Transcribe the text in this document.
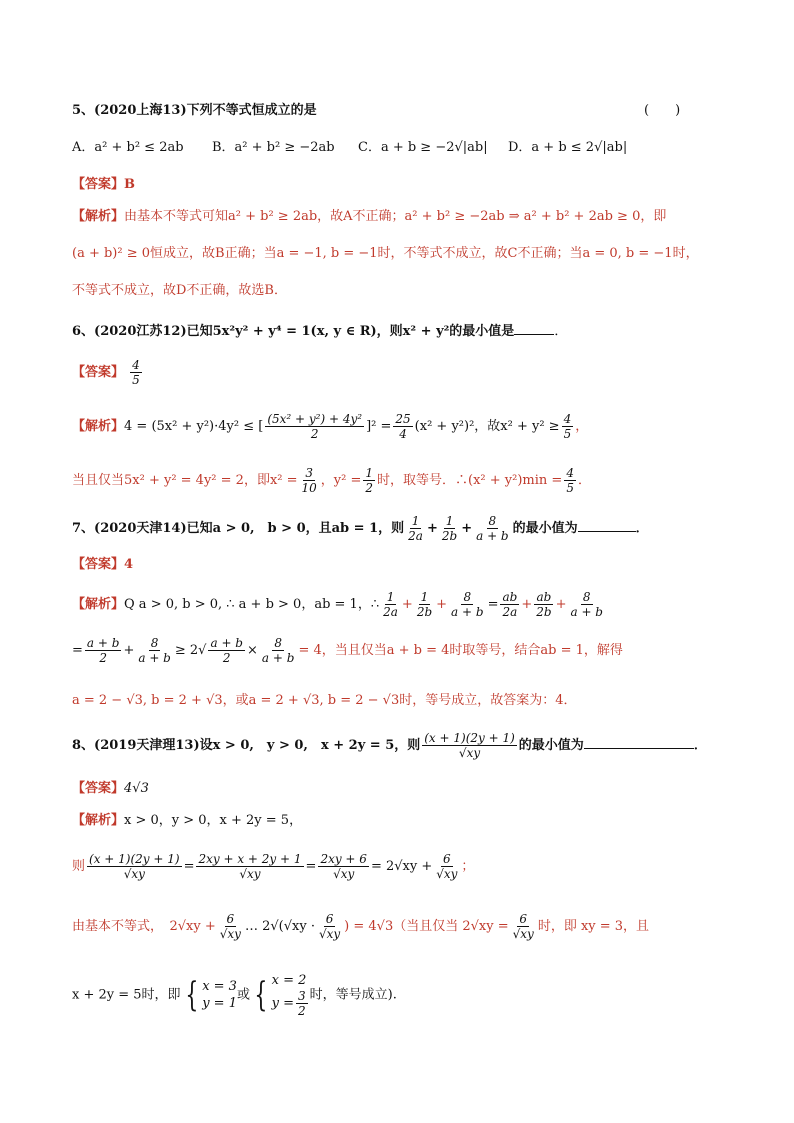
5、(2020上海13)下列不等式恒成立的是	(　　)
A．a² + b² ≤ 2ab B．a² + b² ≥ −2ab C．a + b ≥ −2√|ab| D．a + b ≤ 2√|ab|
【答案】B
【解析】由基本不等式可知a² + b² ≥ 2ab，故A不正确；a² + b² ≥ −2ab ⇒ a² + b² + 2ab ≥ 0，即
(a + b)² ≥ 0恒成立，故B正确；当a = −1, b = −1时，不等式不成立，故C不正确；当a = 0, b = −1时，
不等式不成立，故D不正确，故选B．
6、(2020江苏12)已知5x²y² + y⁴ = 1(x, y ∈ R)，则x² + y²的最小值是	．
【答案】 $\frac{4}{5}$
【解析】4 = (5x² + y²)·4y² ≤ [ $\frac{\text{(5x² + y²) + 4y²}}{2} ]^2 = \frac{25}{4} (x^2 + y^2)^2$，故$x^2 + y^2 \ge \frac{4}{5}$ ，
当且仅当5x² + y² = 4y² = 2，即$x^2 = \frac{3}{10}$ ，$y^2 = \frac{1}{2}$ 时，取等号．∴(x² + $y^2)\min = \frac{4}{5}$ ．
7、(2020天津14)已知a > 0,　b > 0，且ab = 1，则 $\frac{1}{2a} + \frac{1}{2b} + \frac{8}{a + b}$ 的最小值为	．
【答案】4
【解析】Q a > 0, b > 0, ∴ a + b > 0，ab = 1，∴ $\frac{1}{2a} + \frac{1}{2b} + \frac{8}{a + b} = \frac{ab}{2a} + \frac{ab}{2b} + \frac{8}{a + b}$
= $\frac{a + b}{2} + \frac{8}{a + b} \ge 2√ \frac{a + b}{2} \times \frac{8}{a + b} = 4$，当且仅当a + b = 4时取等号，结合ab = 1，解得
a = 2 − √3, b = 2 + √3，或a = 2 + √3, b = 2 − √3时，等号成立，故答案为：4．
8、(2019天津理13)设x > 0,　y > 0,　x + 2y = 5，则 $\frac{(x + 1)(2y + 1)}{√xy}$ 的最小值为	．
【答案】4√3
【解析】x > 0，y > 0，x + 2y = 5，
则 $\frac{(x + 1)(2y + 1)}{√xy} = \frac{2xy + x + 2y + 1}{√xy} = \frac{2xy + 6}{√xy} = 2√xy + \frac{6}{√xy}$ ；
由基本不等式，　$2√xy + \frac{6}{√xy}$ … $2√(√xy \cdot \frac{6}{√xy}$ ) = 4√3（当且仅当 $2√xy = \frac{6}{√xy}$ 时，即 xy = 3，且
x + 2y = 5时，即 { x = 3
y = 1
或 { x = 2
$y = \frac{3}{2}$ 时，等号成立).
